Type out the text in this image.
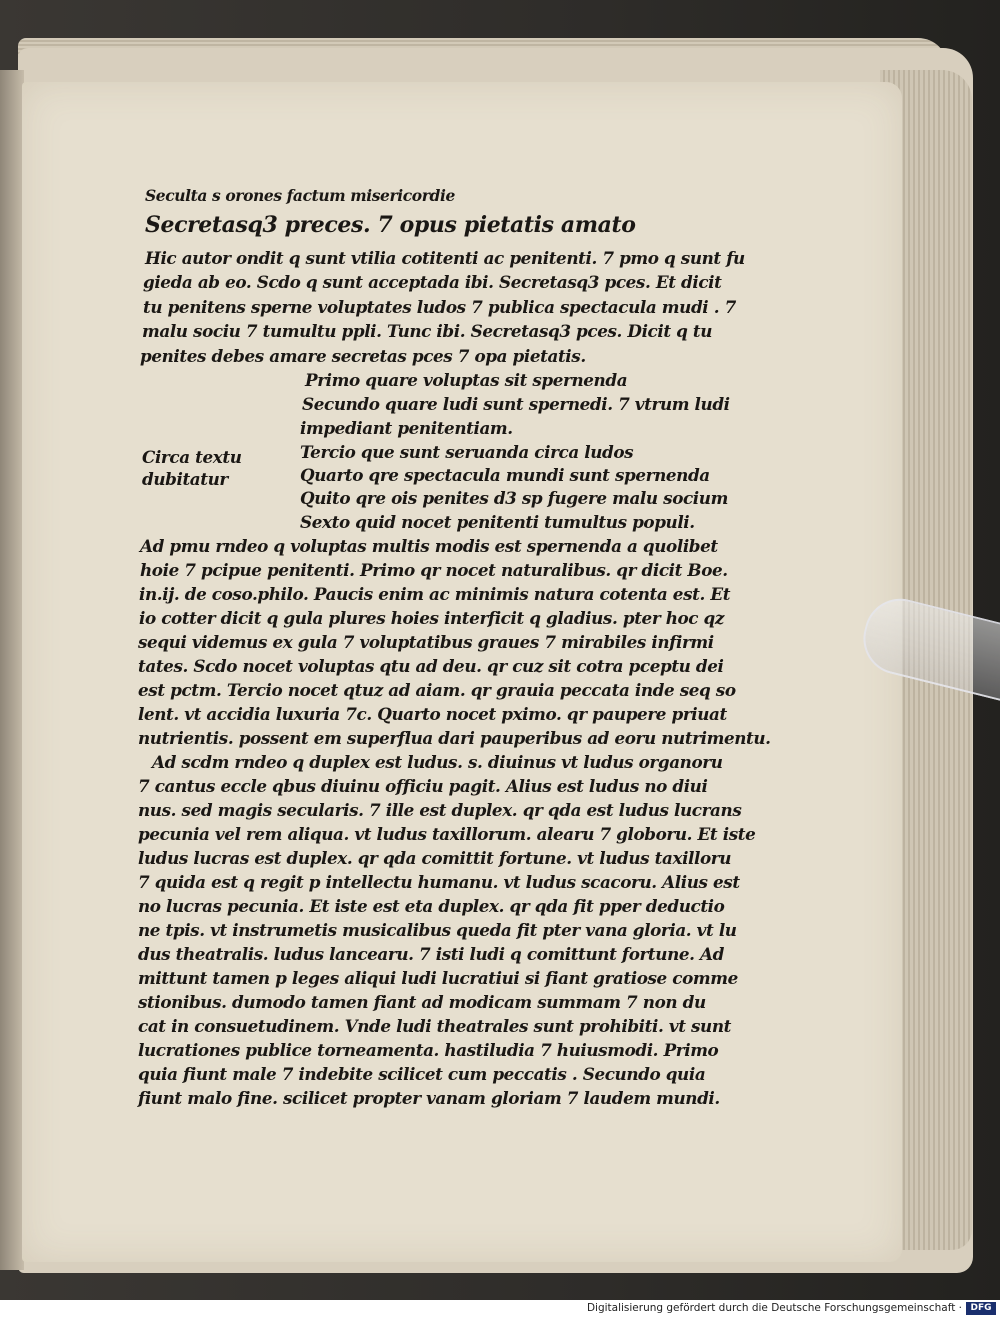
Seculta s orones factum misericordie
Secretasq3 preces. 7 opus pietatis amato
Hic autor ondit q sunt vtilia cotitenti ac penitenti. 7 pmo q sunt fu
gieda ab eo. Scdo q sunt acceptada ibi. Secretasq3 pces. Et dicit
tu penitens sperne voluptates ludos 7 publica spectacula mudi . 7
malu sociu 7 tumultu ppli. Tunc ibi. Secretasq3 pces. Dicit q tu
penites debes amare secretas pces 7 opa pietatis.
Primo quare voluptas sit spernenda
Secundo quare ludi sunt spernedi. 7 vtrum ludi
impediant penitentiam.
Tercio que sunt seruanda circa ludos
Quarto qre spectacula mundi sunt spernenda
Quito qre ois penites d3 sp fugere malu socium
Sexto quid nocet penitenti tumultus populi.
Circa textu
dubitatur
Ad pmu rndeo q voluptas multis modis est spernenda a quolibet
hoie 7 pcipue penitenti. Primo qr nocet naturalibus. qr dicit Boe.
in.ij. de coso.philo. Paucis enim ac minimis natura cotenta est. Et
io cotter dicit q gula plures hoies interficit q gladius. pter hoc qz
sequi videmus ex gula 7 voluptatibus graues 7 mirabiles infirmi
tates. Scdo nocet voluptas qtu ad deu. qr cuz sit cotra pceptu dei
est pctm. Tercio nocet qtuz ad aiam. qr grauia peccata inde seq so
lent. vt accidia luxuria 7c. Quarto nocet pximo. qr paupere priuat
nutrientis. possent em superflua dari pauperibus ad eoru nutrimentu.
Ad scdm rndeo q duplex est ludus. s. diuinus vt ludus organoru
7 cantus eccle qbus diuinu officiu pagit. Alius est ludus no diui
nus. sed magis secularis. 7 ille est duplex. qr qda est ludus lucrans
pecunia vel rem aliqua. vt ludus taxillorum. alearu 7 globoru. Et iste
ludus lucras est duplex. qr qda comittit fortune. vt ludus taxilloru
7 quida est q regit p intellectu humanu. vt ludus scacoru. Alius est
no lucras pecunia. Et iste est eta duplex. qr qda fit pper deductio
ne tpis. vt instrumetis musicalibus queda fit pter vana gloria. vt lu
dus theatralis. ludus lancearu. 7 isti ludi q comittunt fortune. Ad
mittunt tamen p leges aliqui ludi lucratiui si fiant gratiose comme
stionibus. dumodo tamen fiant ad modicam summam 7 non du
cat in consuetudinem. Vnde ludi theatrales sunt prohibiti. vt sunt
lucrationes publice torneamenta. hastiludia 7 huiusmodi. Primo
quia fiunt male 7 indebite scilicet cum peccatis . Secundo quia
fiunt malo fine. scilicet propter vanam gloriam 7 laudem mundi.
Digitalisierung gefördert durch die Deutsche Forschungsgemeinschaft · DFG
